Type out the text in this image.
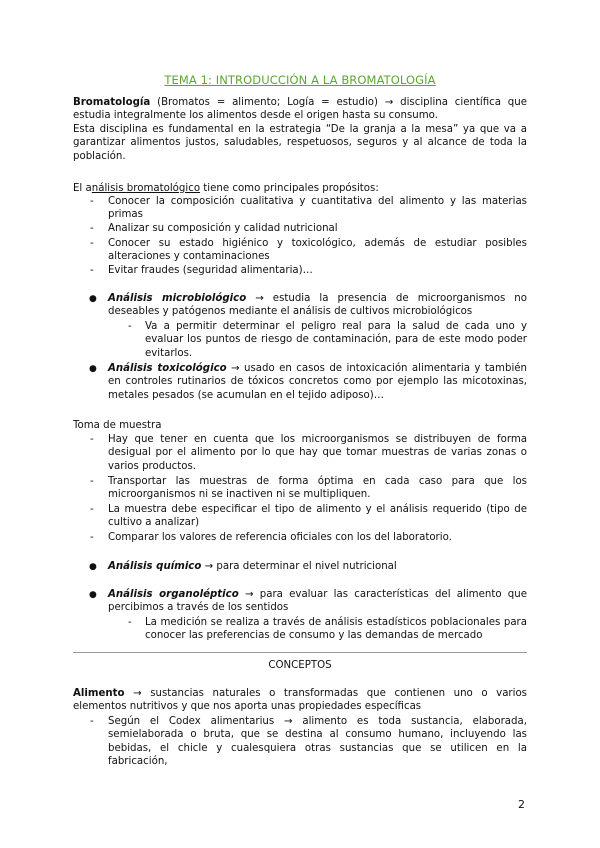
TEMA 1: INTRODUCCIÓN A LA BROMATOLOGÍA
Bromatología (Bromatos = alimento; Logía = estudio) → disciplina científica que estudia integralmente los alimentos desde el origen hasta su consumo.
Esta disciplina es fundamental en la estrategia “De la granja a la mesa” ya que va a garantizar alimentos justos, saludables, respetuosos, seguros y al alcance de toda la población.
El análisis bromatológico tiene como principales propósitos:
- Conocer la composición cualitativa y cuantitativa del alimento y las materias primas
- Analizar su composición y calidad nutricional
- Conocer su estado higiénico y toxicológico, además de estudiar posibles alteraciones y contaminaciones
- Evitar fraudes (seguridad alimentaria)…
● Análisis microbiológico → estudia la presencia de microorganismos no deseables y patógenos mediante el análisis de cultivos microbiológicos
- Va a permitir determinar el peligro real para la salud de cada uno y evaluar los puntos de riesgo de contaminación, para de este modo poder evitarlos.
● Análisis toxicológico → usado en casos de intoxicación alimentaria y también en controles rutinarios de tóxicos concretos como por ejemplo las micotoxinas, metales pesados (se acumulan en el tejido adiposo)…
Toma de muestra
- Hay que tener en cuenta que los microorganismos se distribuyen de forma desigual por el alimento por lo que hay que tomar muestras de varias zonas o varios productos.
- Transportar las muestras de forma óptima en cada caso para que los microorganismos ni se inactiven ni se multipliquen.
- La muestra debe especificar el tipo de alimento y el análisis requerido (tipo de cultivo a analizar)
- Comparar los valores de referencia oficiales con los del laboratorio.
● Análisis químico → para determinar el nivel nutricional
● Análisis organoléptico → para evaluar las características del alimento que percibimos a través de los sentidos
- La medición se realiza a través de análisis estadísticos poblacionales para conocer las preferencias de consumo y las demandas de mercado
CONCEPTOS
Alimento → sustancias naturales o transformadas que contienen uno o varios elementos nutritivos y que nos aporta unas propiedades específicas
- Según el Codex alimentarius → alimento es toda sustancia, elaborada, semielaborada o bruta, que se destina al consumo humano, incluyendo las bebidas, el chicle y cualesquiera otras sustancias que se utilicen en la fabricación,
2
